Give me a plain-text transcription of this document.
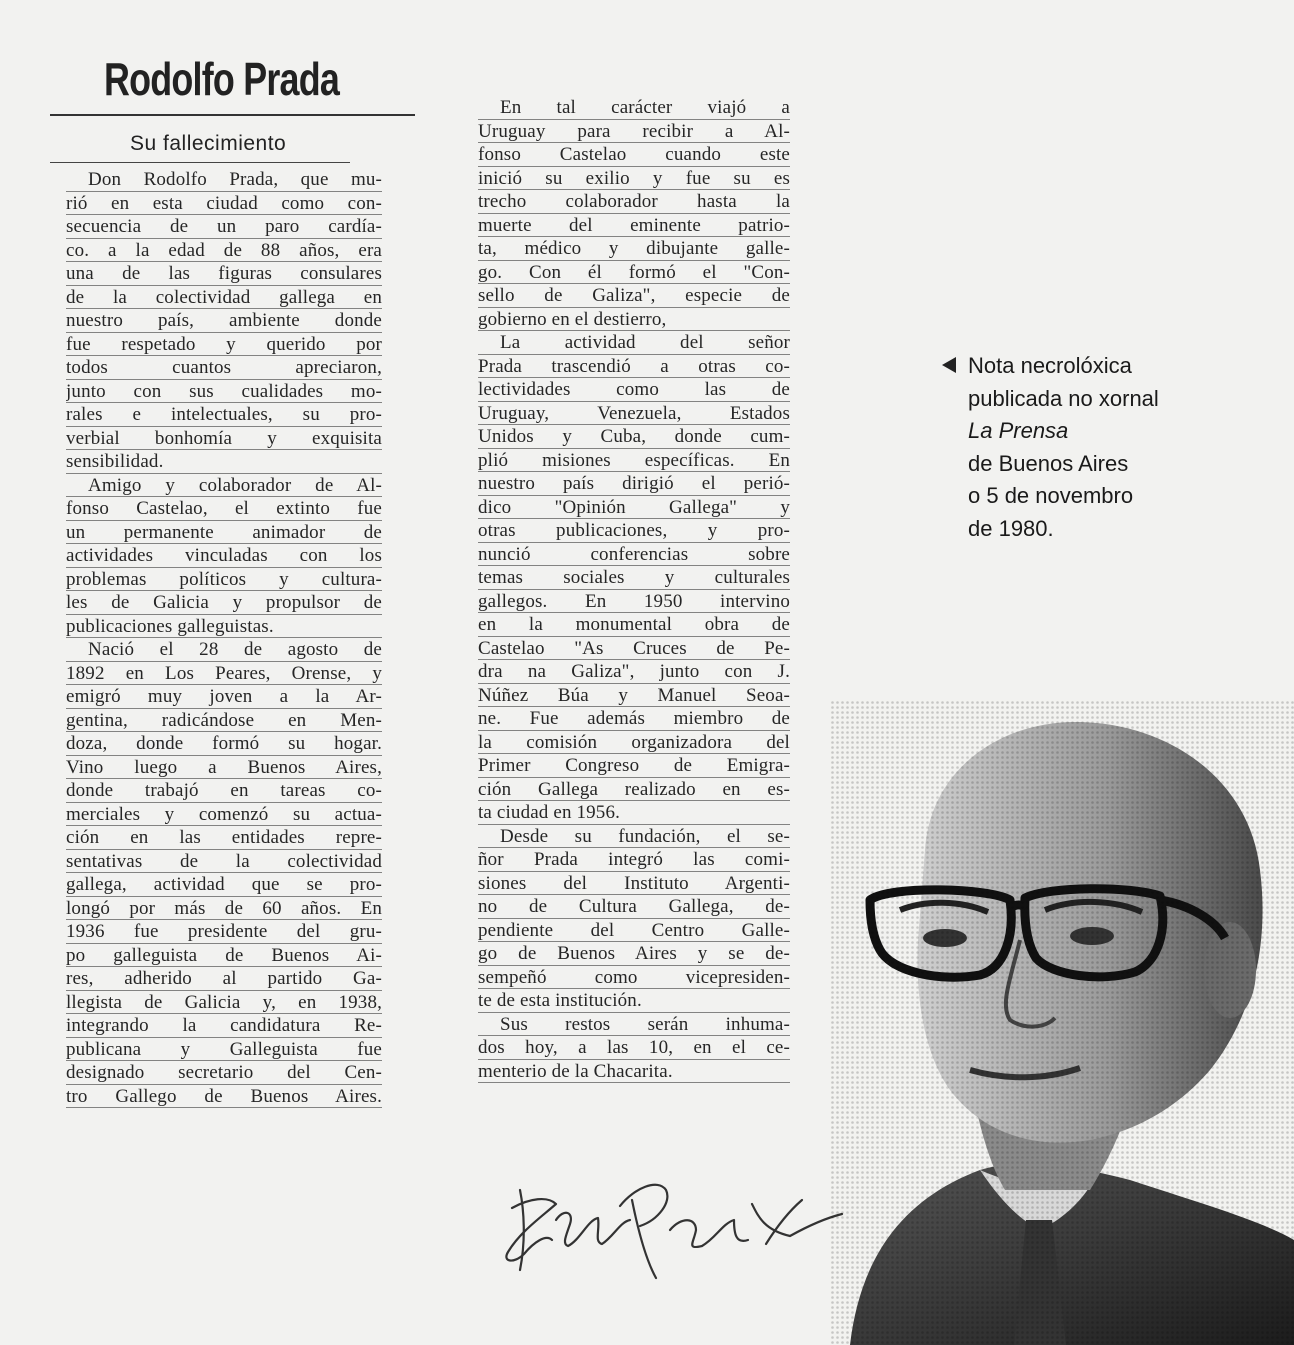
Rodolfo Prada
Su fallecimiento
Don Rodolfo Prada, que mu-
rió en esta ciudad como con-
secuencia de un paro cardía-
co. a la edad de 88 años, era
una de las figuras consulares
de la colectividad gallega en
nuestro país, ambiente donde
fue respetado y querido por
todos cuantos apreciaron,
junto con sus cualidades mo-
rales e intelectuales, su pro-
verbial bonhomía y exquisita
sensibilidad.
Amigo y colaborador de Al-
fonso Castelao, el extinto fue
un permanente animador de
actividades vinculadas con los
problemas políticos y cultura-
les de Galicia y propulsor de
publicaciones galleguistas.
Nació el 28 de agosto de
1892 en Los Peares, Orense, y
emigró muy joven a la Ar-
gentina, radicándose en Men-
doza, donde formó su hogar.
Vino luego a Buenos Aires,
donde trabajó en tareas co-
merciales y comenzó su actua-
ción en las entidades repre-
sentativas de la colectividad
gallega, actividad que se pro-
longó por más de 60 años. En
1936 fue presidente del gru-
po galleguista de Buenos Ai-
res, adherido al partido Ga-
llegista de Galicia y, en 1938,
integrando la candidatura Re-
publicana y Galleguista fue
designado secretario del Cen-
tro Gallego de Buenos Aires.
En tal carácter viajó a
Uruguay para recibir a Al-
fonso Castelao cuando este
inició su exilio y fue su es
trecho colaborador hasta la
muerte del eminente patrio-
ta, médico y dibujante galle-
go. Con él formó el "Con-
sello de Galiza", especie de
gobierno en el destierro,
La actividad del señor
Prada trascendió a otras co-
lectividades como las de
Uruguay, Venezuela, Estados
Unidos y Cuba, donde cum-
plió misiones específicas. En
nuestro país dirigió el perió-
dico "Opinión Gallega" y
otras publicaciones, y pro-
nunció conferencias sobre
temas sociales y culturales
gallegos. En 1950 intervino
en la monumental obra de
Castelao "As Cruces de Pe-
dra na Galiza", junto con J.
Núñez Búa y Manuel Seoa-
ne. Fue además miembro de
la comisión organizadora del
Primer Congreso de Emigra-
ción Gallega realizado en es-
ta ciudad en 1956.
Desde su fundación, el se-
ñor Prada integró las comi-
siones del Instituto Argenti-
no de Cultura Gallega, de-
pendiente del Centro Galle-
go de Buenos Aires y se de-
sempeñó como vicepresiden-
te de esta institución.
Sus restos serán inhuma-
dos hoy, a las 10, en el ce-
menterio de la Chacarita.
Nota necrolóxica
publicada no xornal
La Prensa
de Buenos Aires
o 5 de novembro
de 1980.
